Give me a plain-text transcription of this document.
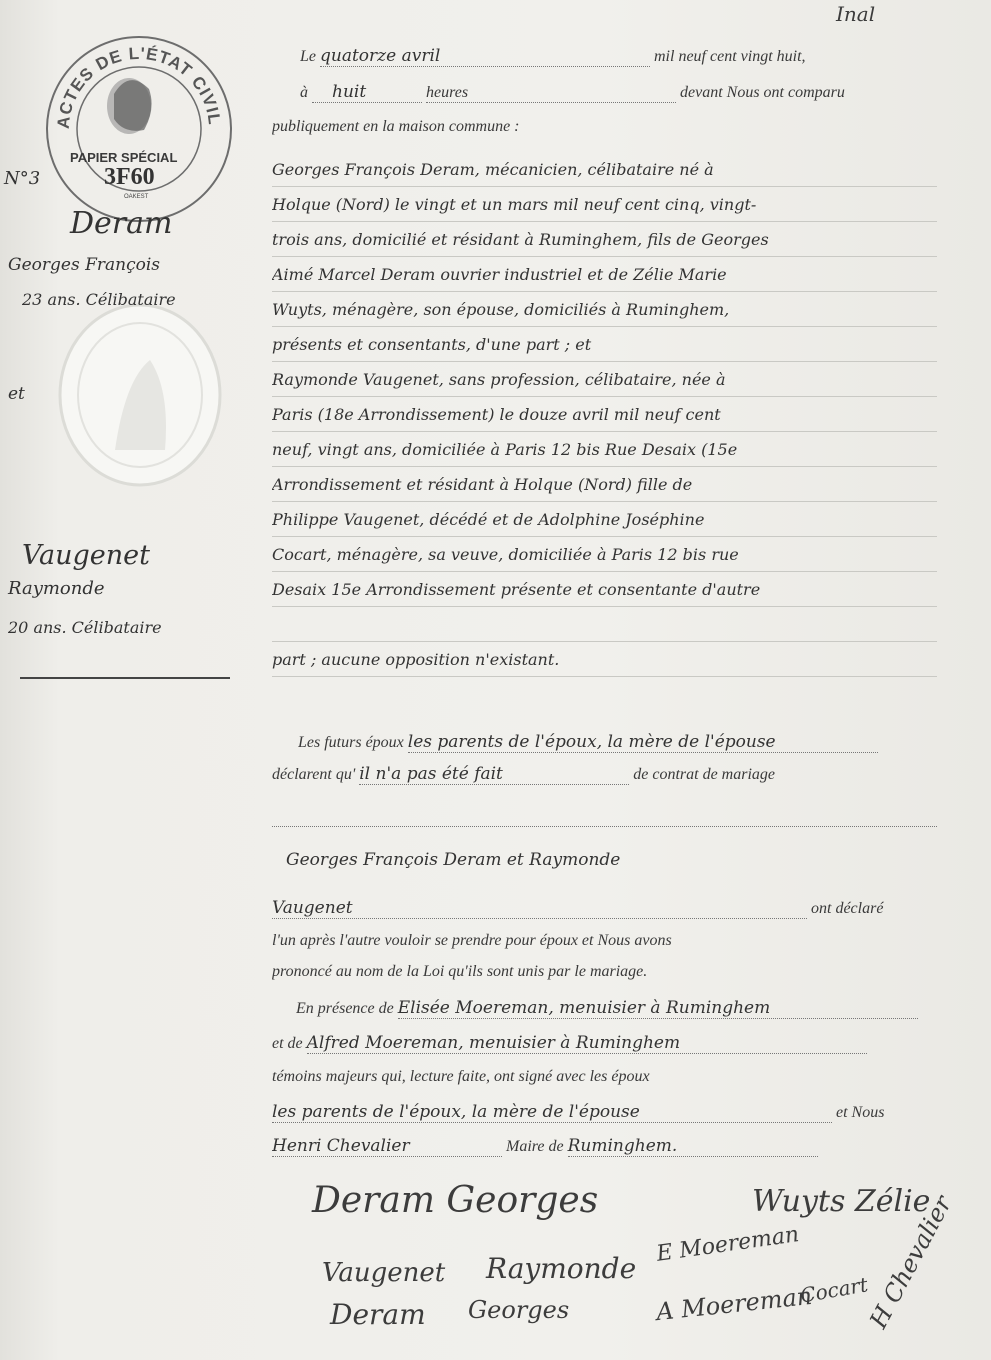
Inal
ACTES DE L'ÉTAT CIVIL
PAPIER SPÉCIAL
3F60
OAKEST
N°3
Deram
Georges François
23 ans. Célibataire
et
Vaugenet
Raymonde
20 ans. Célibataire
Le quatorze avril	mil neuf cent vingt huit,
à huit	heures	devant Nous ont comparu
publiquement en la maison commune :
Georges François Deram, mécanicien, célibataire né à
Holque (Nord) le vingt et un mars mil neuf cent cinq, vingt-
trois ans, domicilié et résidant à Ruminghem, fils de Georges
Aimé Marcel Deram ouvrier industriel et de Zélie Marie
Wuyts, ménagère, son épouse, domiciliés à Ruminghem,
présents et consentants, d'une part ; et
Raymonde Vaugenet, sans profession, célibataire, née à
Paris (18e Arrondissement) le douze avril mil neuf cent
neuf, vingt ans, domiciliée à Paris 12 bis Rue Desaix (15e
Arrondissement et résidant à Holque (Nord) fille de
Philippe Vaugenet, décédé et de Adolphine Joséphine
Cocart, ménagère, sa veuve, domiciliée à Paris 12 bis rue
Desaix 15e Arrondissement présente et consentante d'autre
part ; aucune opposition n'existant.
Les futurs époux les parents de l'époux, la mère de l'épouse
déclarent qu' il n'a pas été fait	de contrat de mariage
Georges François Deram et Raymonde
Vaugenet	ont déclaré
l'un après l'autre vouloir se prendre pour époux et Nous avons
prononcé au nom de la Loi qu'ils sont unis par le mariage.
En présence de Elisée Moereman, menuisier à Ruminghem
et de Alfred Moereman, menuisier à Ruminghem
témoins majeurs qui, lecture faite, ont signé avec les époux
les parents de l'époux, la mère de l'épouse	et Nous
Henri Chevalier	Maire de Ruminghem.
Deram Georges	Wuyts Zélie
Vaugenet Raymonde
E Moereman
Deram Georges	A Moereman
Cocart
H Chevalier
